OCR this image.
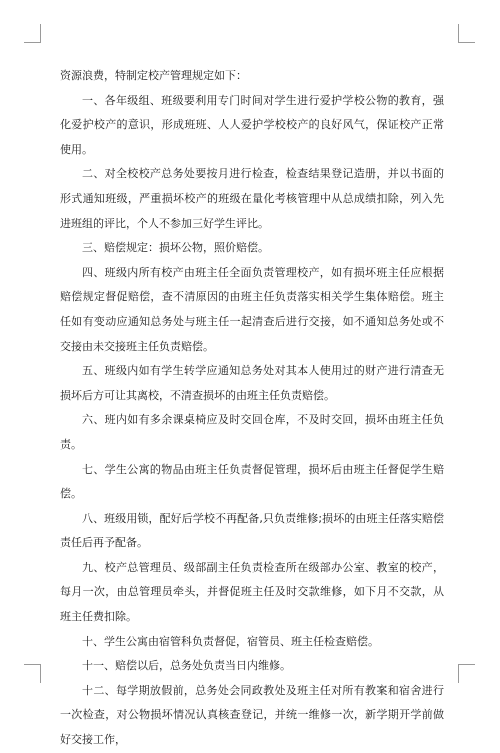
资源浪费，特制定校产管理规定如下：

一、各年级组、班级要利用专门时间对学生进行爱护学校公物的教育，强化爱护校产的意识，形成班班、人人爱护学校校产的良好风气，保证校产正常使用。

二、对全校校产总务处要按月进行检查，检查结果登记造册，并以书面的形式通知班级，严重损坏校产的班级在量化考核管理中从总成绩扣除，列入先进班组的评比，个人不参加三好学生评比。

三、赔偿规定：损坏公物，照价赔偿。

四、班级内所有校产由班主任全面负责管理校产，如有损坏班主任应根据赔偿规定督促赔偿，查不清原因的由班主任负责落实相关学生集体赔偿。班主任如有变动应通知总务处与班主任一起清查后进行交接，如不通知总务处或不交接由未交接班主任负责赔偿。

五、班级内如有学生转学应通知总务处对其本人使用过的财产进行清查无损坏后方可让其离校，不清查损坏的由班主任负责赔偿。

六、班内如有多余课桌椅应及时交回仓库，不及时交回，损坏由班主任负责。

七、学生公寓的物品由班主任负责督促管理，损坏后由班主任督促学生赔偿。

八、班级用锁，配好后学校不再配备,只负责维修;损坏的由班主任落实赔偿责任后再予配备。

九、校产总管理员、级部副主任负责检查所在级部办公室、教室的校产，每月一次，由总管理员牵头，并督促班主任及时交款维修，如下月不交款，从班主任费扣除。

十、学生公寓由宿管科负责督促，宿管员、班主任检查赔偿。

十一、赔偿以后，总务处负责当日内维修。

十二、每学期放假前，总务处会同政教处及班主任对所有教案和宿舍进行一次检查，对公物损坏情况认真核查登记，并统一维修一次，新学期开学前做好交接工作，
